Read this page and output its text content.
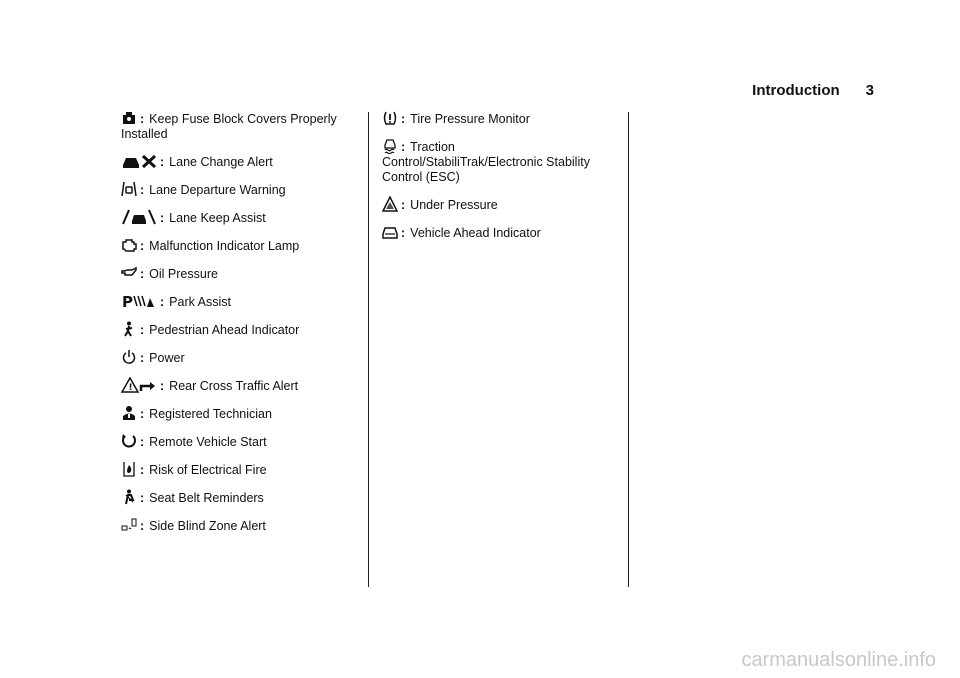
Introduction 3
: Keep Fuse Block Covers Properly Installed
: Lane Change Alert
: Lane Departure Warning
: Lane Keep Assist
: Malfunction Indicator Lamp
: Oil Pressure
P : Park Assist
: Pedestrian Ahead Indicator
: Power
! : Rear Cross Traffic Alert
: Registered Technician
: Remote Vehicle Start
: Risk of Electrical Fire
: Seat Belt Reminders
: Side Blind Zone Alert
: Tire Pressure Monitor
: Traction Control/StabiliTrak/Electronic Stability Control (ESC)
: Under Pressure
: Vehicle Ahead Indicator
carmanualsonline.info
